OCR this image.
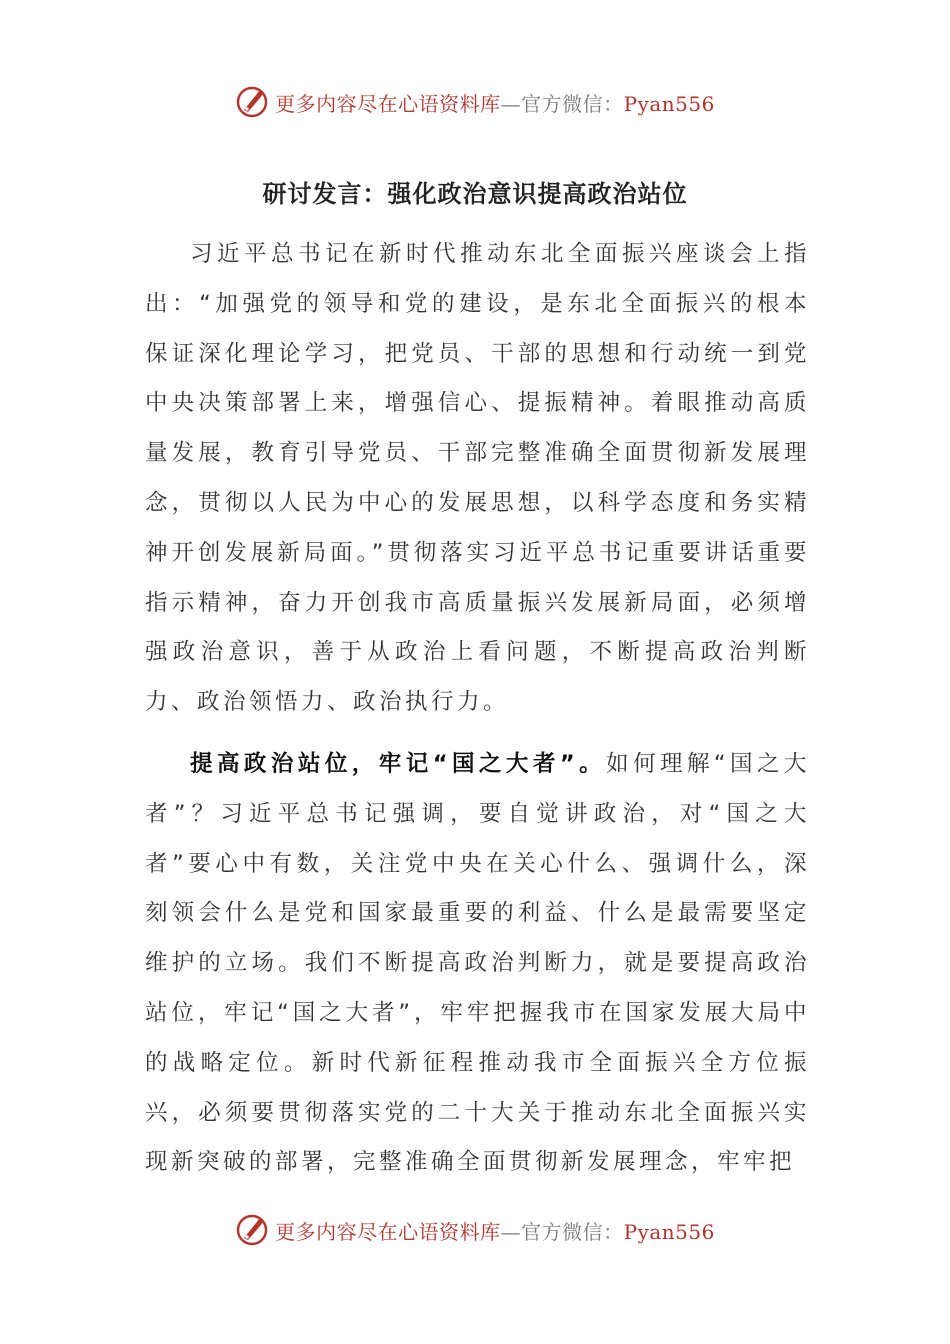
更多内容尽在心语资料库—官方微信：Pyan556
研讨发言：强化政治意识提高政治站位

习近平总书记在新时代推动东北全面振兴座谈会上指出：“加强党的领导和党的建设，是东北全面振兴的根本保证深化理论学习，把党员、干部的思想和行动统一到党中央决策部署上来，增强信心、提振精神。着眼推动高质量发展，教育引导党员、干部完整准确全面贯彻新发展理念，贯彻以人民为中心的发展思想，以科学态度和务实精神开创发展新局面。”贯彻落实习近平总书记重要讲话重要指示精神，奋力开创我市高质量振兴发展新局面，必须增强政治意识，善于从政治上看问题，不断提高政治判断力、政治领悟力、政治执行力。

提高政治站位，牢记“国之大者”。如何理解“国之大者”？习近平总书记强调，要自觉讲政治，对“国之大者”要心中有数，关注党中央在关心什么、强调什么，深刻领会什么是党和国家最重要的利益、什么是最需要坚定维护的立场。我们不断提高政治判断力，就是要提高政治站位，牢记“国之大者”，牢牢把握我市在国家发展大局中的战略定位。新时代新征程推动我市全面振兴全方位振兴，必须要贯彻落实党的二十大关于推动东北全面振兴实现新突破的部署，完整准确全面贯彻新发展理念，牢牢把

更多内容尽在心语资料库—官方微信：Pyan556
